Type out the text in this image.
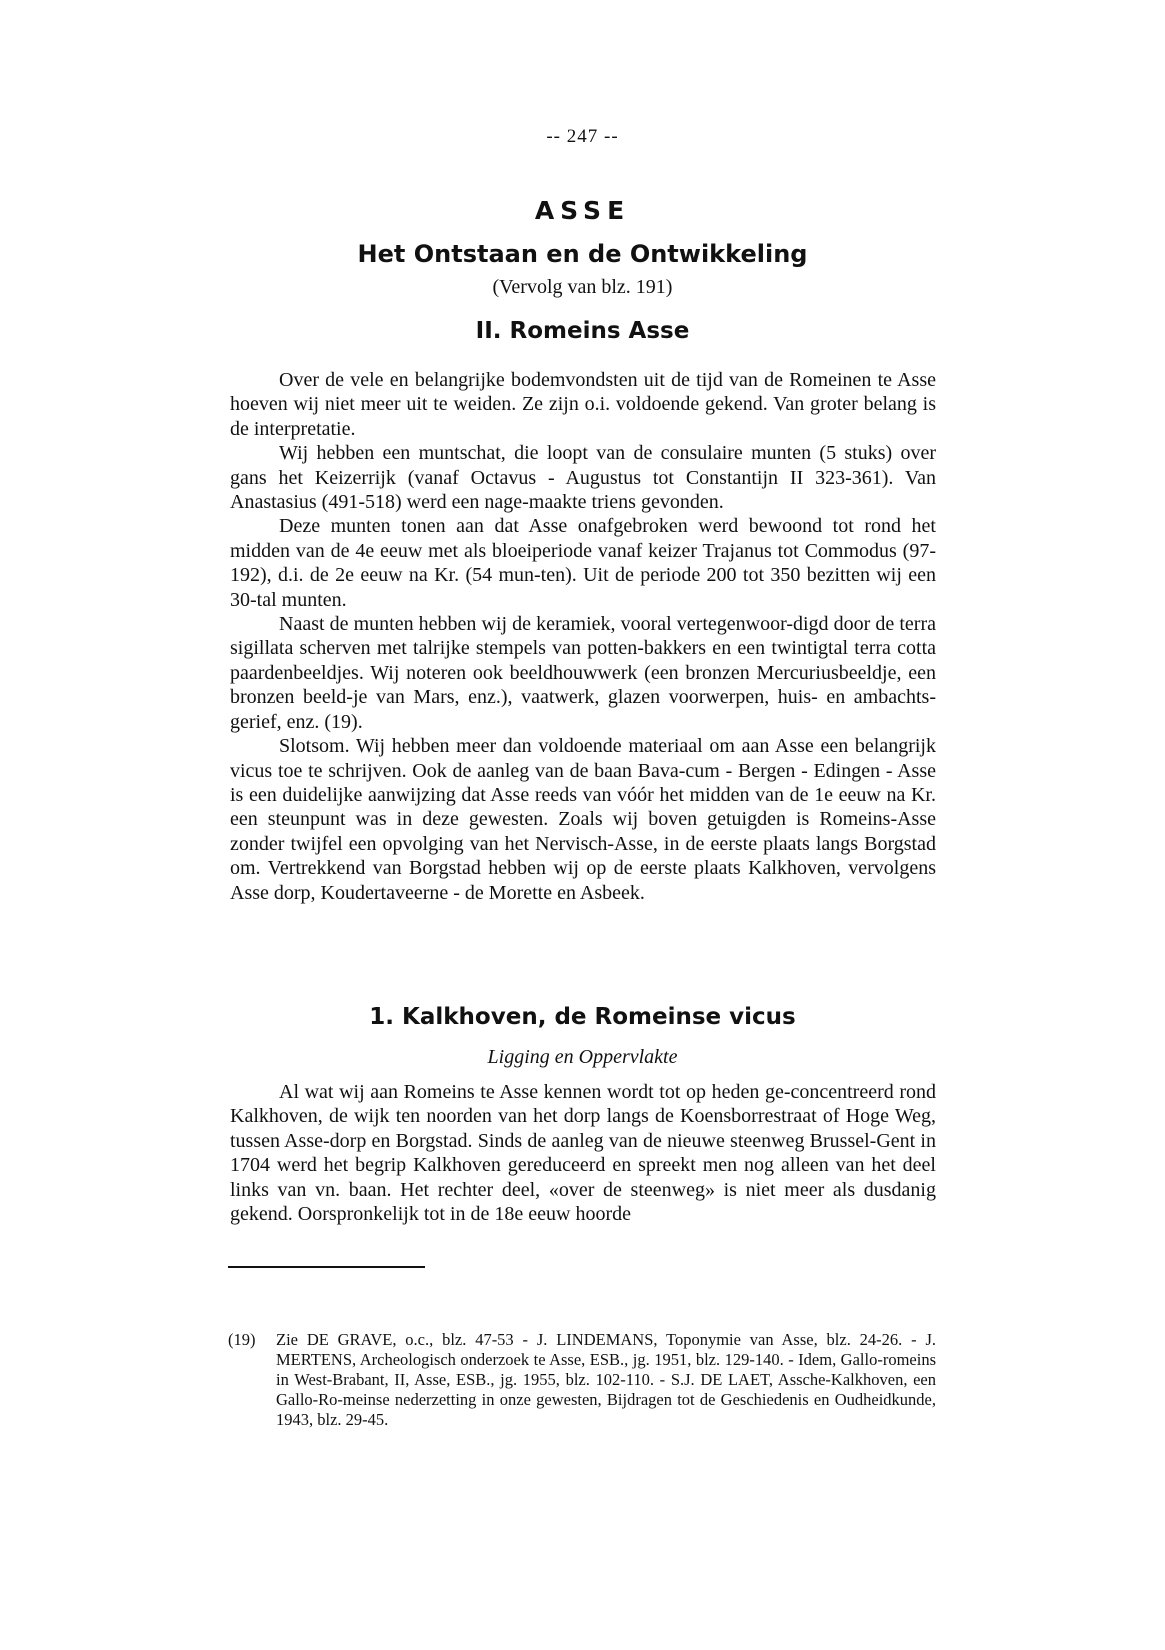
-- 247 --
ASSE
Het Ontstaan en de Ontwikkeling
(Vervolg van blz. 191)
II. Romeins Asse

Over de vele en belangrijke bodemvondsten uit de tijd van de Romeinen te Asse hoeven wij niet meer uit te weiden. Ze zijn o.i. voldoende gekend. Van groter belang is de interpretatie.

Wij hebben een muntschat, die loopt van de consulaire munten (5 stuks) over gans het Keizerrijk (vanaf Octavus - Augustus tot Constantijn II 323-361). Van Anastasius (491-518) werd een nage-maakte triens gevonden.

Deze munten tonen aan dat Asse onafgebroken werd bewoond tot rond het midden van de 4e eeuw met als bloeiperiode vanaf keizer Trajanus tot Commodus (97-192), d.i. de 2e eeuw na Kr. (54 mun-ten). Uit de periode 200 tot 350 bezitten wij een 30-tal munten.

Naast de munten hebben wij de keramiek, vooral vertegenwoor-digd door de terra sigillata scherven met talrijke stempels van potten-bakkers en een twintigtal terra cotta paardenbeeldjes. Wij noteren ook beeldhouwwerk (een bronzen Mercuriusbeeldje, een bronzen beeld-je van Mars, enz.), vaatwerk, glazen voorwerpen, huis- en ambachts-gerief, enz. (19).

Slotsom. Wij hebben meer dan voldoende materiaal om aan Asse een belangrijk vicus toe te schrijven. Ook de aanleg van de baan Bava-cum - Bergen - Edingen - Asse is een duidelijke aanwijzing dat Asse reeds van vóór het midden van de 1e eeuw na Kr. een steunpunt was in deze gewesten. Zoals wij boven getuigden is Romeins-Asse zonder twijfel een opvolging van het Nervisch-Asse, in de eerste plaats langs Borgstad om. Vertrekkend van Borgstad hebben wij op de eerste plaats Kalkhoven, vervolgens Asse dorp, Koudertaveerne - de Morette en Asbeek.

1. Kalkhoven, de Romeinse vicus
Ligging en Oppervlakte

Al wat wij aan Romeins te Asse kennen wordt tot op heden ge-concentreerd rond Kalkhoven, de wijk ten noorden van het dorp langs de Koensborrestraat of Hoge Weg, tussen Asse-dorp en Borgstad. Sinds de aanleg van de nieuwe steenweg Brussel-Gent in 1704 werd het begrip Kalkhoven gereduceerd en spreekt men nog alleen van het deel links van vn. baan. Het rechter deel, «over de steenweg» is niet meer als dusdanig gekend. Oorspronkelijk tot in de 18e eeuw hoorde

(19)	Zie DE GRAVE, o.c., blz. 47-53 - J. LINDEMANS, Toponymie van Asse, blz. 24-26. - J. MERTENS, Archeologisch onderzoek te Asse, ESB., jg. 1951, blz. 129-140. - Idem, Gallo-romeins in West-Brabant, II, Asse, ESB., jg. 1955, blz. 102-110. - S.J. DE LAET, Assche-Kalkhoven, een Gallo-Ro-meinse nederzetting in onze gewesten, Bijdragen tot de Geschiedenis en Oudheidkunde, 1943, blz. 29-45.
